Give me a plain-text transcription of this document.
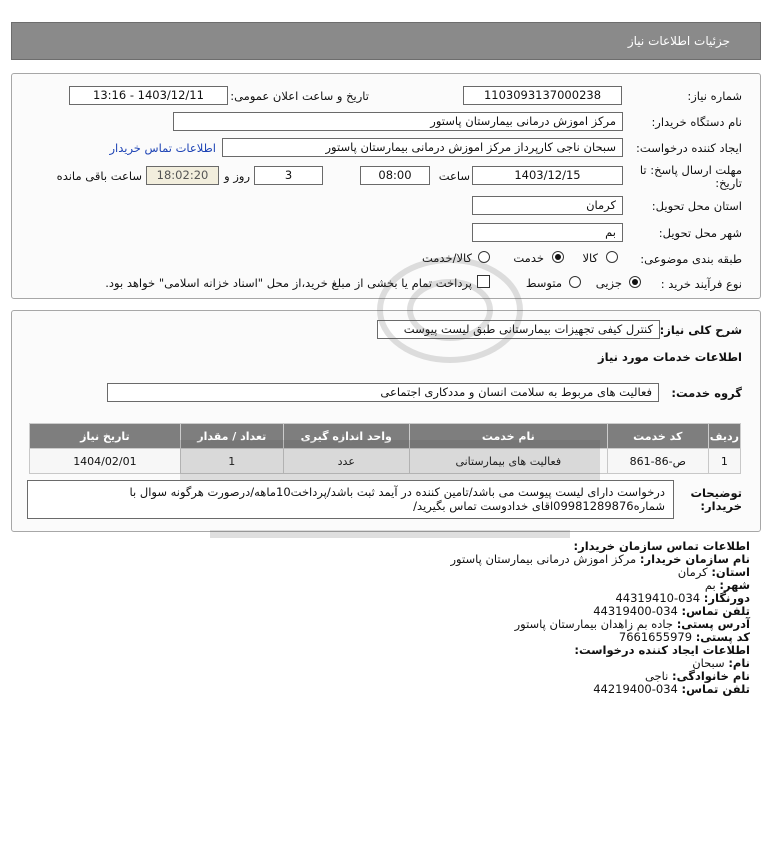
جزئیات اطلاعات نیاز
شماره نیاز:
1103093137000238
تاریخ و ساعت اعلان عمومی:
1403/12/11 - 13:16
نام دستگاه خریدار:
مرکز اموزش درمانی بیمارستان پاستور
ایجاد کننده درخواست:
سبحان ناجی کارپرداز مرکز اموزش درمانی بیمارستان پاستور
اطلاعات تماس خریدار
مهلت ارسال پاسخ: تا تاریخ:
1403/12/15
ساعت
08:00
3
روز و
18:02:20
ساعت باقی مانده
استان محل تحویل:
کرمان
شهر محل تحویل:
بم
طبقه بندی موضوعی:
کالا
خدمت
کالا/خدمت
نوع فرآیند خرید :
جزیی
متوسط
پرداخت تمام یا بخشی از مبلغ خرید،از محل "اسناد خزانه اسلامی" خواهد بود.
شرح کلی نیاز:
کنترل کیفی تجهیزات بیمارستانی طبق لیست پیوست
اطلاعات خدمات مورد نیاز
گروه خدمت:
فعالیت های مربوط به سلامت انسان و مددکاری اجتماعی
ردیف	کد خدمت	نام خدمت	واحد اندازه گیری	تعداد / مقدار	تاریخ نیاز
1	ص-86-861	فعالیت های بیمارستانی	عدد	1	1404/02/01
توضیحات خریدار:
درخواست دارای لیست پیوست می باشد/تامین کننده در آیمد ثبت باشد/پرداخت10ماهه/درصورت هرگونه سوال با شماره09981289876اقای خدادوست تماس بگیرید/
اطلاعات تماس سازمان خریدار:
نام سازمان خریدار: مرکز اموزش درمانی بیمارستان پاستور
استان: کرمان
شهر: بم
دورنگار: 034-44319410
تلفن تماس: 034-44319400
آدرس پستی: جاده بم زاهدان بیمارستان پاستور
کد پستی: 7661655979
اطلاعات ایجاد کننده درخواست:
نام: سبحان
نام خانوادگی: ناجی
تلفن تماس: 034-44219400
